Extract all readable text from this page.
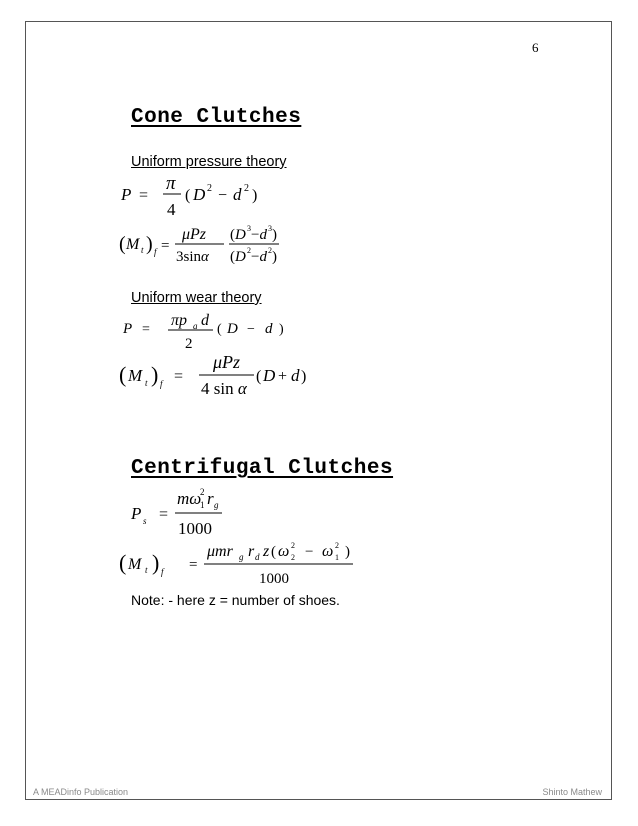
6
Cone Clutches
Uniform pressure theory
P =
π
4
( D 2 − d 2 )
( M t ) f =
μPz
3sinα
(D 3 −d 3 )
(D 2 −d 2 )
Uniform wear theory
P =
πp a d
2
( D − d )
( M t ) f =
μPz
4 sin α
( D + d )
Centrifugal Clutches
P s =
mω
2
1 r g
1000
( M t ) f =
μmr g r d z ( ω 2
2 − ω 2
1 )
1000
Note: - here z = number of shoes.
A MEADinfo Publication	Shinto Mathew
